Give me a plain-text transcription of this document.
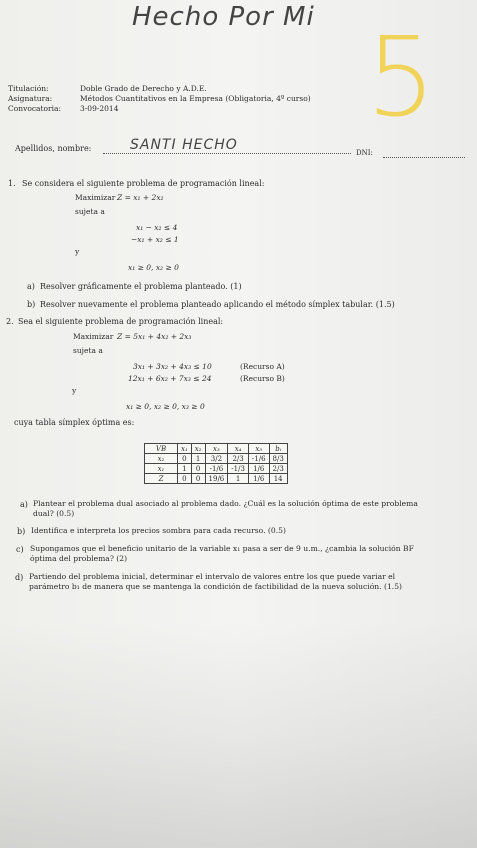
Hecho Por Mi 5
Titulación:	Doble Grado de Derecho y A.D.E.
Asignatura:	Métodos Cuantitativos en la Empresa (Obligatoria, 4º curso)
Convocatoria:	3-09-2014
Apellidos, nombre:	SANTI HECHO	DNI:
1. Se considera el siguiente problema de programación lineal:
Maximizar Z = x₁ + 2x₂
sujeta a
x₁ − x₂ ≤ 4
−x₁ + x₂ ≤ 1
y
x₁ ≥ 0, x₂ ≥ 0
a) Resolver gráficamente el problema planteado. (1)
b) Resolver nuevamente el problema planteado aplicando el método símplex tabular. (1.5)
2. Sea el siguiente problema de programación lineal:
Maximizar Z = 5x₁ + 4x₂ + 2x₃
sujeta a
3x₁ + 3x₂ + 4x₃ ≤ 10	(Recurso A)
12x₁ + 6x₂ + 7x₃ ≤ 24	(Recurso B)
y
x₁ ≥ 0, x₂ ≥ 0, x₃ ≥ 0
cuya tabla símplex óptima es:
VB	x₁	x₂	x₃	x₄	x₅	bᵢ
x₂	0	1	3/2	2/3	-1/6	8/3
x₁	1	0	-1/6	-1/3	1/6	2/3
Z	0	0	19/6	1	1/6	14
a) Plantear el problema dual asociado al problema dado. ¿Cuál es la solución óptima de este problema
dual? (0.5)
b) Identifica e interpreta los precios sombra para cada recurso. (0.5)
c) Supongamos que el beneficio unitario de la variable x₁ pasa a ser de 9 u.m., ¿cambia la solución BF
óptima del problema? (2)
d) Partiendo del problema inicial, determinar el intervalo de valores entre los que puede variar el
parámetro b₁ de manera que se mantenga la condición de factibilidad de la nueva solución. (1.5)
